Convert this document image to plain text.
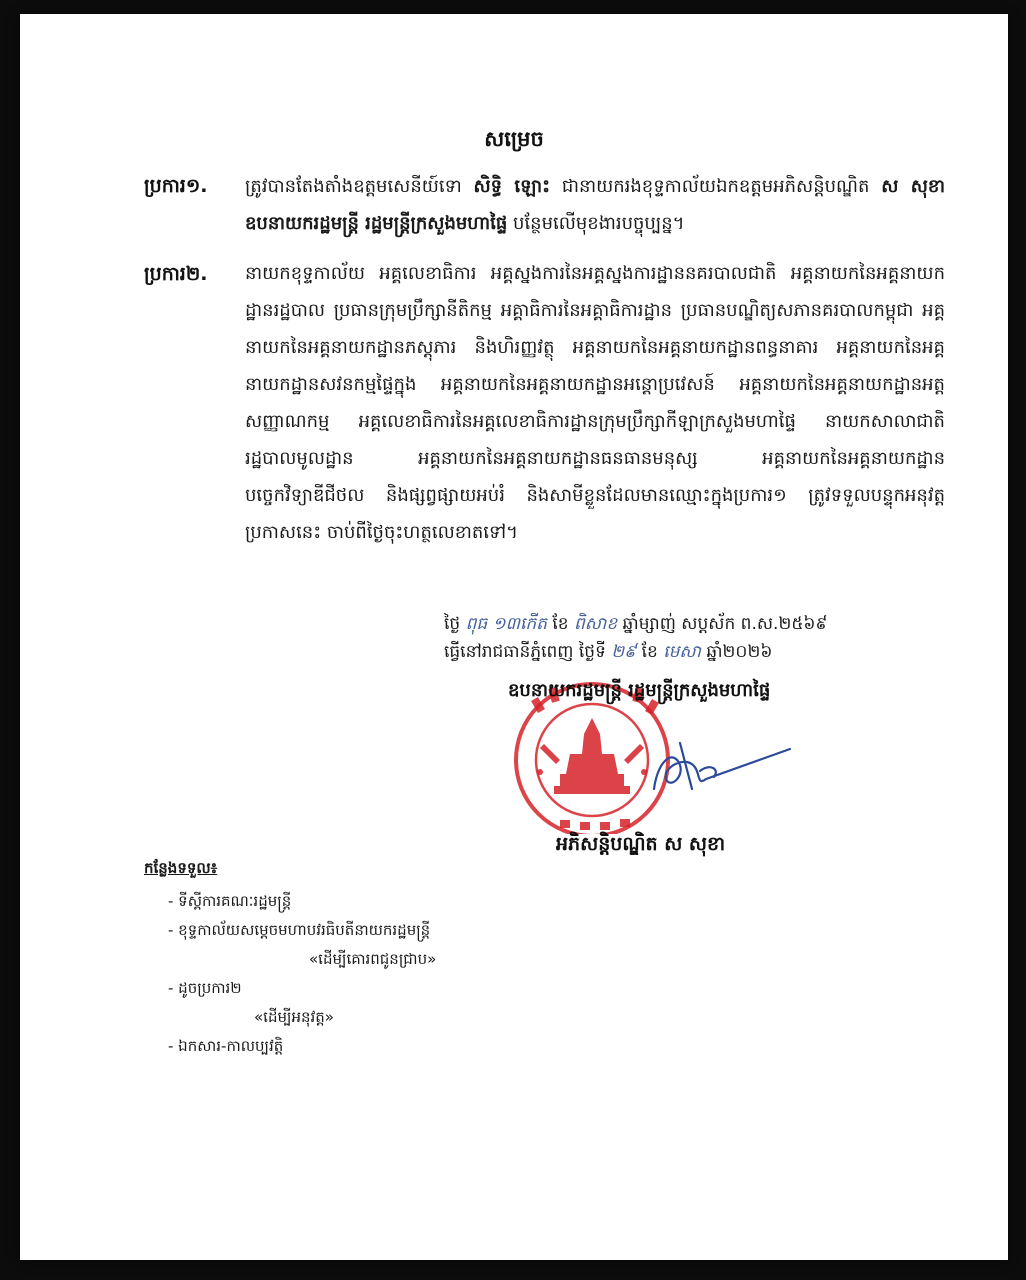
សម្រេច
ប្រការ១. ត្រូវបានតែងតាំងឧត្តមសេនីយ៍ទោ សិទ្ធិ ឡោះ ជានាយករងខុទ្ទកាល័យឯកឧត្តមអភិសន្តិបណ្ឌិត ស សុខា ឧបនាយករដ្ឋមន្ត្រី រដ្ឋមន្ត្រីក្រសួងមហាផ្ទៃ បន្ថែមលើមុខងារបច្ចុប្បន្ន។
ប្រការ២. នាយកខុទ្ទកាល័យ អគ្គលេខាធិការ អគ្គស្នងការនៃអគ្គស្នងការដ្ឋាននគរបាលជាតិ អគ្គនាយកនៃអគ្គនាយកដ្ឋានរដ្ឋបាល ប្រធានក្រុមប្រឹក្សានីតិកម្ម អគ្គាធិការនៃអគ្គាធិការដ្ឋាន ប្រធានបណ្ឌិត្យសភានគរបាលកម្ពុជា អគ្គនាយកនៃអគ្គនាយកដ្ឋានភស្តុភារ និងហិរញ្ញវត្ថុ អគ្គនាយកនៃអគ្គនាយកដ្ឋានពន្ធនាគារ អគ្គនាយកនៃអគ្គនាយកដ្ឋានសវនកម្មផ្ទៃក្នុង អគ្គនាយកនៃអគ្គនាយកដ្ឋានអន្តោប្រវេសន៍ អគ្គនាយកនៃអគ្គនាយកដ្ឋានអត្តសញ្ញាណកម្ម អគ្គលេខាធិការនៃអគ្គលេខាធិការដ្ឋានក្រុមប្រឹក្សាកីឡាក្រសួងមហាផ្ទៃ នាយកសាលាជាតិរដ្ឋបាលមូលដ្ឋាន អគ្គនាយកនៃអគ្គនាយកដ្ឋានធនធានមនុស្ស អគ្គនាយកនៃអគ្គនាយកដ្ឋានបច្ចេកវិទ្យាឌីជីថល និងផ្សព្វផ្សាយអប់រំ និងសាមីខ្លួនដែលមានឈ្មោះក្នុងប្រការ១ ត្រូវទទួលបន្ទុកអនុវត្តប្រកាសនេះ ចាប់ពីថ្ងៃចុះហត្ថលេខាតទៅ។
ថ្ងៃ ពុធ ១៣កើត ខែ ពិសាខ ឆ្នាំម្សាញ់ សប្តស័ក ព.ស.២៥៦៩
ធ្វើនៅរាជធានីភ្នំពេញ ថ្ងៃទី ២៩ ខែ មេសា ឆ្នាំ២០២៦
ឧបនាយករដ្ឋមន្ត្រី រដ្ឋមន្ត្រីក្រសួងមហាផ្ទៃ
អភិសន្តិបណ្ឌិត ស សុខា
កន្លែងទទួល៖
- ទីស្តីការគណៈរដ្ឋមន្ត្រី
- ខុទ្ទកាល័យសម្តេចមហាបវរធិបតីនាយករដ្ឋមន្ត្រី
«ដើម្បីគោរពជូនជ្រាប»
- ដូចប្រការ២
«ដើម្បីអនុវត្ត»
- ឯកសារ-កាលប្បវត្តិ
